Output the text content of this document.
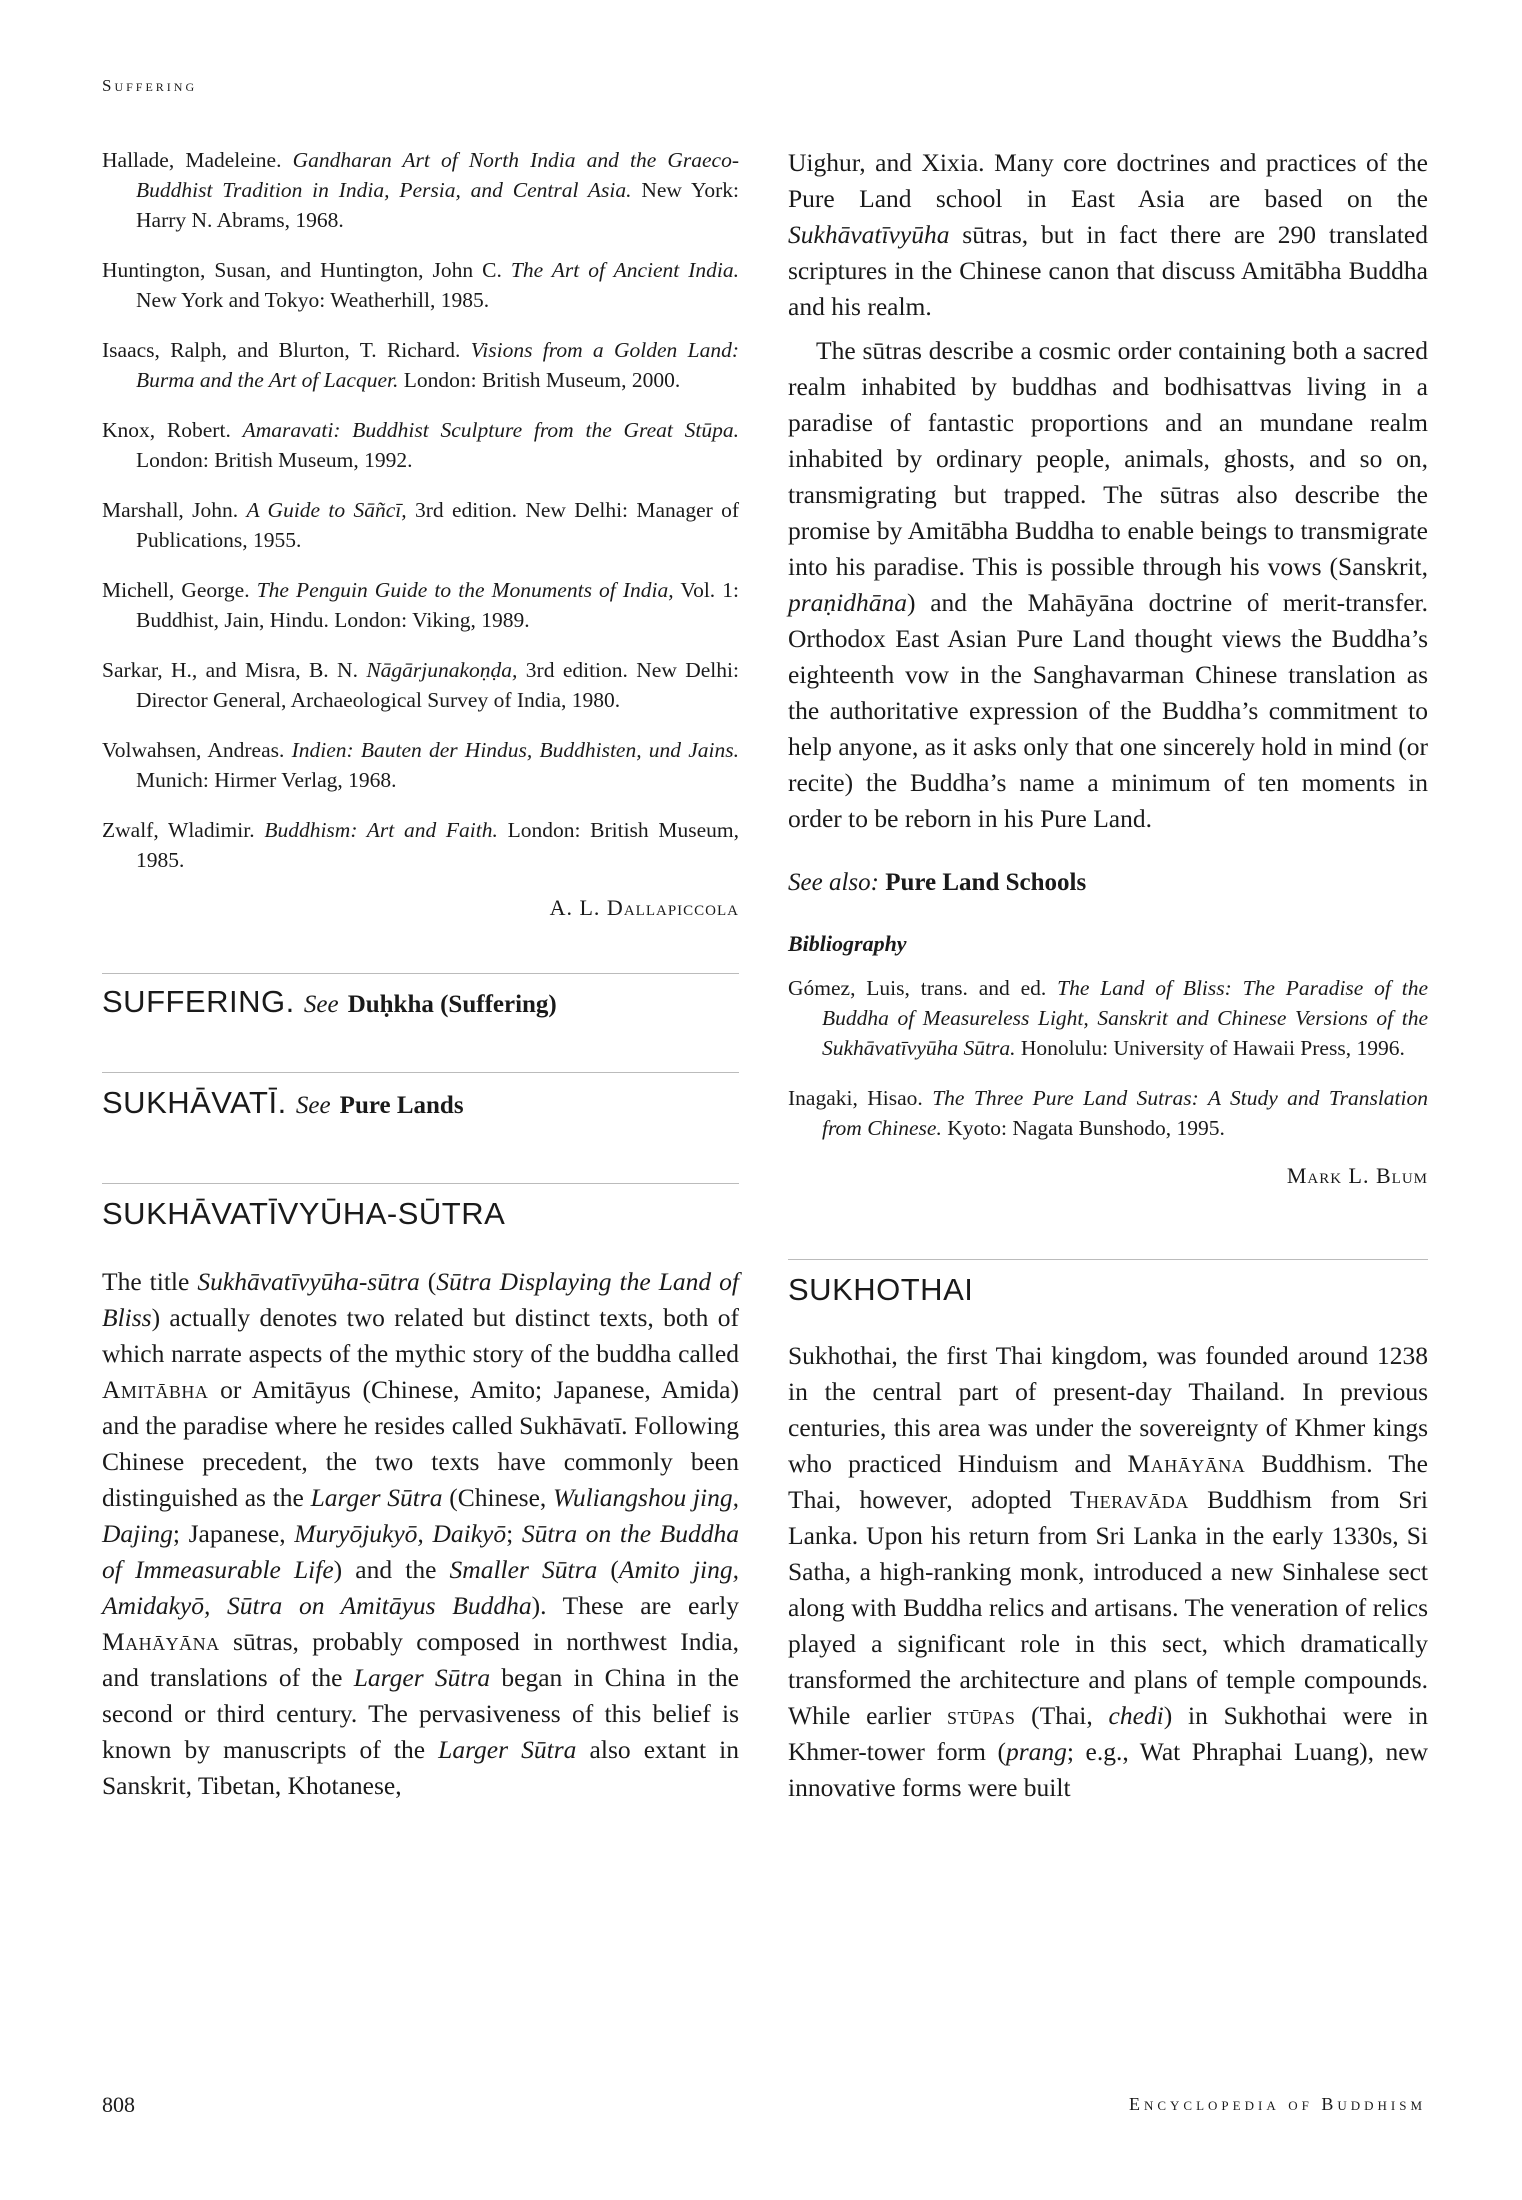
Suffering

Hallade, Madeleine. Gandharan Art of North India and the Graeco-Buddhist Tradition in India, Persia, and Central Asia. New York: Harry N. Abrams, 1968.

Huntington, Susan, and Huntington, John C. The Art of Ancient India. New York and Tokyo: Weatherhill, 1985.

Isaacs, Ralph, and Blurton, T. Richard. Visions from a Golden Land: Burma and the Art of Lacquer. London: British Museum, 2000.

Knox, Robert. Amaravati: Buddhist Sculpture from the Great Stūpa. London: British Museum, 1992.

Marshall, John. A Guide to Sāñcī, 3rd edition. New Delhi: Manager of Publications, 1955.

Michell, George. The Penguin Guide to the Monuments of India, Vol. 1: Buddhist, Jain, Hindu. London: Viking, 1989.

Sarkar, H., and Misra, B. N. Nāgārjunakoṇḍa, 3rd edition. New Delhi: Director General, Archaeological Survey of India, 1980.

Volwahsen, Andreas. Indien: Bauten der Hindus, Buddhisten, und Jains. Munich: Hirmer Verlag, 1968.

Zwalf, Wladimir. Buddhism: Art and Faith. London: British Museum, 1985.

A. L. Dallapiccola

SUFFERING. See Duḥkha (Suffering)
SUKHĀVATĪ. See Pure Lands
SUKHĀVATĪVYŪHA-SŪTRA

The title Sukhāvatīvyūha-sūtra (Sūtra Displaying the Land of Bliss) actually denotes two related but distinct texts, both of which narrate aspects of the mythic story of the buddha called Amitābha or Amitāyus (Chinese, Amito; Japanese, Amida) and the paradise where he resides called Sukhāvatī. Following Chinese precedent, the two texts have commonly been distinguished as the Larger Sūtra (Chinese, Wuliangshou jing, Dajing; Japanese, Muryōjukyō, Daikyō; Sūtra on the Buddha of Immeasurable Life) and the Smaller Sūtra (Amito jing, Amidakyō, Sūtra on Amitāyus Buddha). These are early Mahāyāna sūtras, probably composed in northwest India, and translations of the Larger Sūtra began in China in the second or third century. The pervasiveness of this belief is known by manuscripts of the Larger Sūtra also extant in Sanskrit, Tibetan, Khotanese,

Uighur, and Xixia. Many core doctrines and practices of the Pure Land school in East Asia are based on the Sukhāvatīvyūha sūtras, but in fact there are 290 translated scriptures in the Chinese canon that discuss Amitābha Buddha and his realm.

The sūtras describe a cosmic order containing both a sacred realm inhabited by buddhas and bodhisattvas living in a paradise of fantastic proportions and an mundane realm inhabited by ordinary people, animals, ghosts, and so on, transmigrating but trapped. The sūtras also describe the promise by Amitābha Buddha to enable beings to transmigrate into his paradise. This is possible through his vows (Sanskrit, praṇidhāna) and the Mahāyāna doctrine of merit-transfer. Orthodox East Asian Pure Land thought views the Buddha’s eighteenth vow in the Sanghavarman Chinese translation as the authoritative expression of the Buddha’s commitment to help anyone, as it asks only that one sincerely hold in mind (or recite) the Buddha’s name a minimum of ten moments in order to be reborn in his Pure Land.

See also: Pure Land Schools

Bibliography

Gómez, Luis, trans. and ed. The Land of Bliss: The Paradise of the Buddha of Measureless Light, Sanskrit and Chinese Versions of the Sukhāvatīvyūha Sūtra. Honolulu: University of Hawaii Press, 1996.

Inagaki, Hisao. The Three Pure Land Sutras: A Study and Translation from Chinese. Kyoto: Nagata Bunshodo, 1995.

Mark L. Blum

SUKHOTHAI

Sukhothai, the first Thai kingdom, was founded around 1238 in the central part of present-day Thailand. In previous centuries, this area was under the sovereignty of Khmer kings who practiced Hinduism and Mahāyāna Buddhism. The Thai, however, adopted Theravāda Buddhism from Sri Lanka. Upon his return from Sri Lanka in the early 1330s, Si Satha, a high-ranking monk, introduced a new Sinhalese sect along with Buddha relics and artisans. The veneration of relics played a significant role in this sect, which dramatically transformed the architecture and plans of temple compounds. While earlier stūpas (Thai, chedi) in Sukhothai were in Khmer-tower form (prang; e.g., Wat Phraphai Luang), new innovative forms were built

808	Encyclopedia of Buddhism
